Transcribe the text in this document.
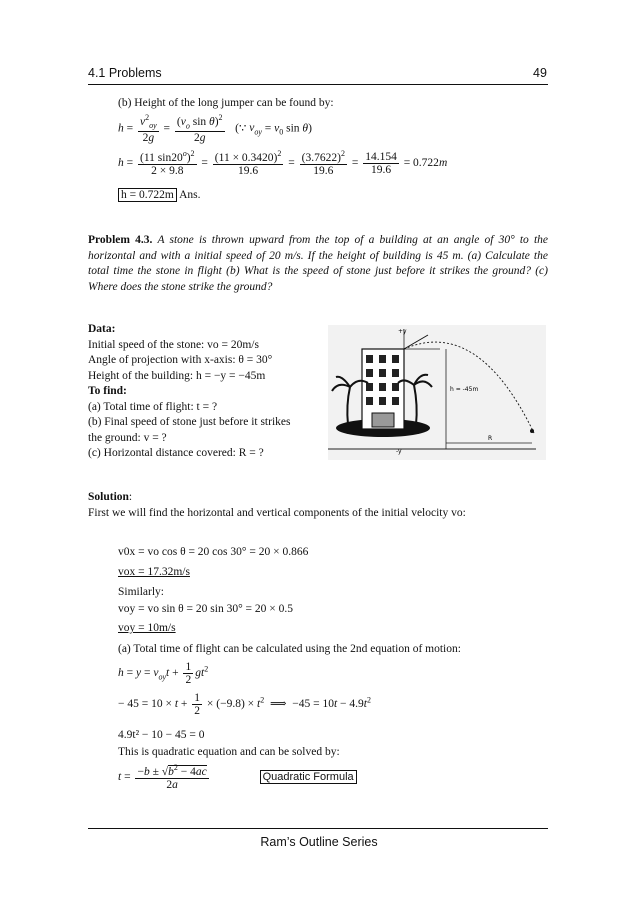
4.1 Problems	49
(b) Height of the long jumper can be found by:
$h = \frac{v^2_{oy}}{2g} = \frac{(v_o \sin \theta)^2}{2g}$ (∵ $v_{oy} = v_0$ sin θ)
$h = \frac{(11 \sin 20^o)^2}{2 \times 9.8} = \frac{(11 \times 0.3420)^2}{19.6} = \frac{(3.7622)^2}{19.6} = \frac{14.154}{19.6} = 0.722m$
h = 0.722m Ans.
Problem 4.3. A stone is thrown upward from the top of a building at an angle of 30° to the horizontal and with a initial speed of 20 m/s. If the height of building is 45 m. (a) Calculate the total time the stone in flight (b) What is the speed of stone just before it strikes the ground? (c) Where does the stone strike the ground?
Data:
Initial speed of the stone: vo = 20m/s
Angle of projection with x-axis: θ = 30°
Height of the building: h = −y = −45m
To find:
(a) Total time of flight: t = ?
(b) Final speed of stone just before it strikes
the ground: v = ?
(c) Horizontal distance covered: R = ?
+y
h = -45m
R
-y
Solution:
First we will find the horizontal and vertical components of the initial velocity vo:
v0x = vo cos θ = 20 cos 30° = 20 × 0.866
vox = 17.32m/s
Similarly:
voy = vo sin θ = 20 sin 30° = 20 × 0.5
voy = 10m/s
(a) Total time of flight can be calculated using the 2nd equation of motion:
$h = y = v_{oy}t + \frac{1}{2} gt^2$
− $45 = 10 \times t + \frac{1}{2} \times (-9.8) \times t^2$  ⟹  $-45 = 10t - 4.9t^2$
4.9t² − 10 − 45 = 0
This is quadratic equation and can be solved by:
$t = \frac{-b \pm √b^2 - 4ac}{2a}$	Quadratic Formula
Ram’s Outline Series
